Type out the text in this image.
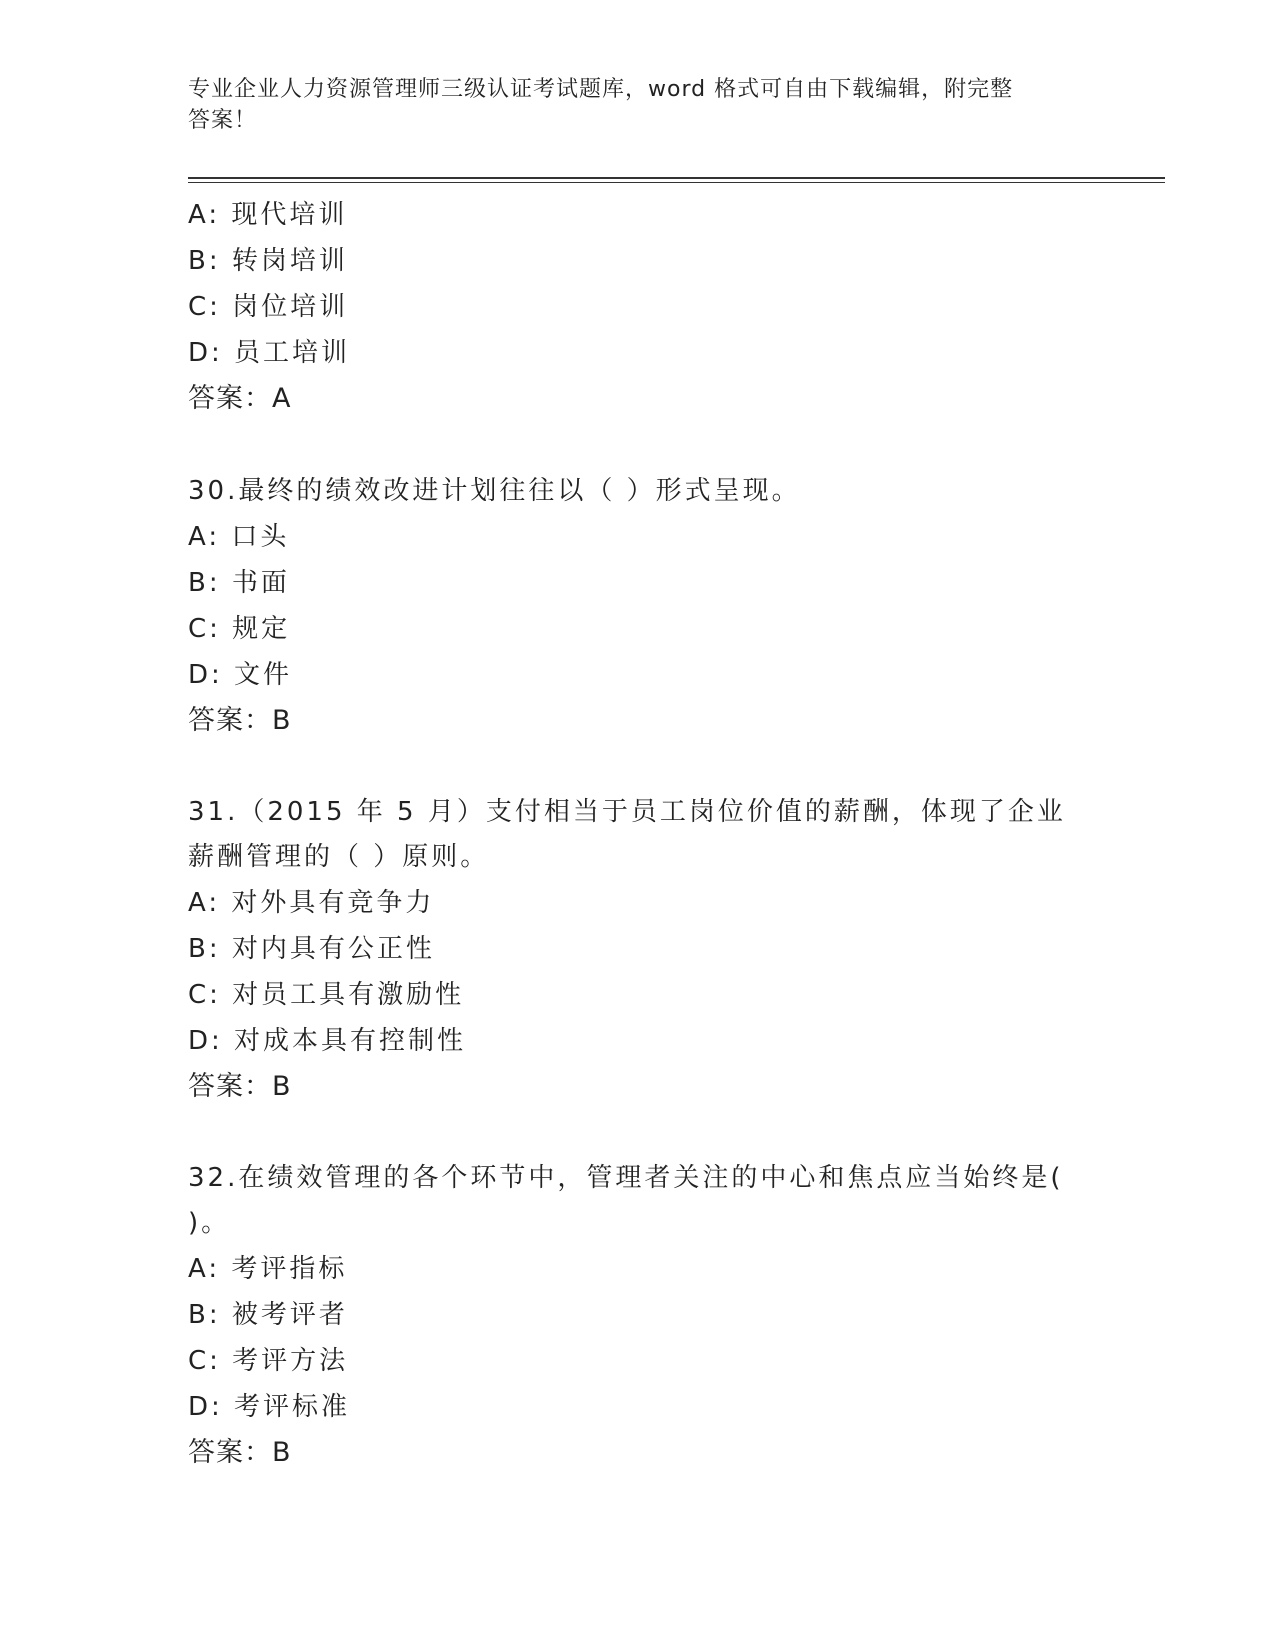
专业企业人力资源管理师三级认证考试题库，word 格式可自由下载编辑，附完整
答案！
A: 现代培训
B: 转岗培训
C: 岗位培训
D: 员工培训
答案：A
30.最终的绩效改进计划往往以（ ）形式呈现。
A: 口头
B: 书面
C: 规定
D: 文件
答案：B
31.（2015 年 5 月）支付相当于员工岗位价值的薪酬，体现了企业薪酬管理的（ ）原则。
A: 对外具有竞争力
B: 对内具有公正性
C: 对员工具有激励性
D: 对成本具有控制性
答案：B
32.在绩效管理的各个环节中，管理者关注的中心和焦点应当始终是( )。
A: 考评指标
B: 被考评者
C: 考评方法
D: 考评标准
答案：B
